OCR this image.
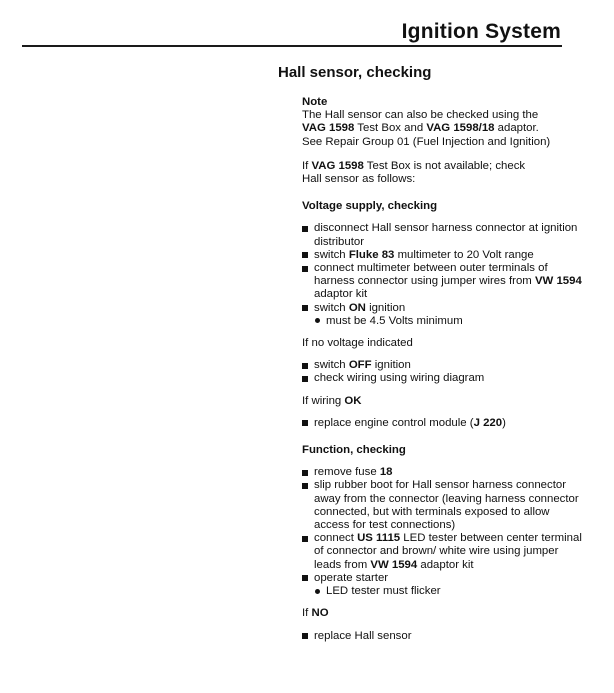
Ignition System
Hall sensor, checking
Note

The Hall sensor can also be checked using the
VAG 1598 Test Box and VAG 1598/18 adaptor.
See Repair Group 01 (Fuel Injection and Ignition)

If VAG 1598 Test Box is not available; check
Hall sensor as follows:

Voltage supply, checking
disconnect Hall sensor harness connector at ignition distributor
switch Fluke 83 multimeter to 20 Volt range
connect multimeter between outer terminals of harness connector using jumper wires from VW 1594 adaptor kit
switch ON ignition
must be 4.5 Volts minimum

If no voltage indicated

switch OFF ignition
check wiring using wiring diagram

If wiring OK

replace engine control module (J 220)
Function, checking
remove fuse 18
slip rubber boot for Hall sensor harness connector away from the connector (leaving harness connector connected, but with terminals exposed to allow access for test connections)
connect US 1115 LED tester between center terminal of connector and brown/ white wire using jumper leads from VW 1594 adaptor kit
operate starter
LED tester must flicker

If NO

replace Hall sensor
